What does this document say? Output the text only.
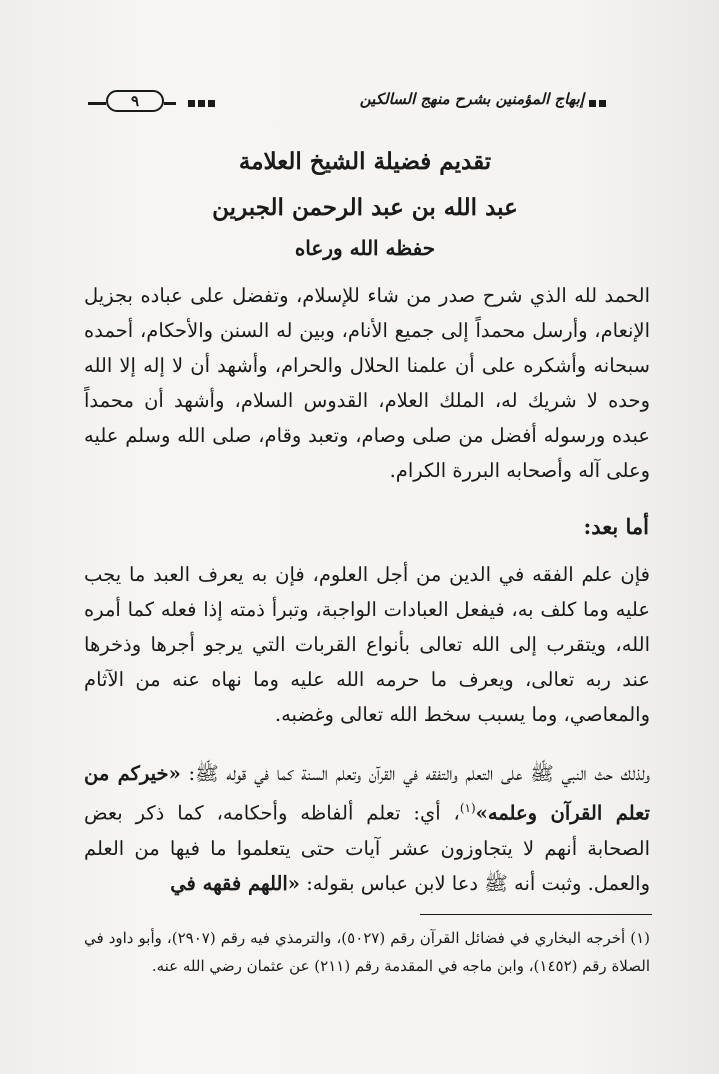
إبهاج المؤمنين بشرح منهج السالكين
٩
تقديم فضيلة الشيخ العلامة
عبد الله بن عبد الرحمن الجبرين
حفظه الله ورعاه
الحمد لله الذي شرح صدر من شاء للإسلام، وتفضل على عباده بجزيل الإنعام، وأرسل محمداً إلى جميع الأنام، وبين له السنن والأحكام، أحمده سبحانه وأشكره على أن علمنا الحلال والحرام، وأشهد أن لا إله إلا الله وحده لا شريك له، الملك العلام، القدوس السلام، وأشهد أن محمداً عبده ورسوله أفضل من صلى وصام، وتعبد وقام، صلى الله وسلم عليه وعلى آله وأصحابه البررة الكرام.
أما بعد:
فإن علم الفقه في الدين من أجل العلوم، فإن به يعرف العبد ما يجب عليه وما كلف به، فيفعل العبادات الواجبة، وتبرأ ذمته إذا فعله كما أمره الله، ويتقرب إلى الله تعالى بأنواع القربات التي يرجو أجرها وذخرها عند ربه تعالى، ويعرف ما حرمه الله عليه وما نهاه عنه من الآثام والمعاصي، وما يسبب سخط الله تعالى وغضبه.
ولذلك حث النبي ﷺ على التعلم والتفقه في القرآن وتعلم السنة كما في قوله ﷺ: «خيركم من تعلم القرآن وعلمه»$^{(١)}$، أي: تعلم ألفاظه وأحكامه، كما ذكر بعض الصحابة أنهم لا يتجاوزون عشر آيات حتى يتعلموا ما فيها من العلم والعمل. وثبت أنه ﷺ دعا لابن عباس بقوله: «اللهم فقهه في
(١) أخرجه البخاري في فضائل القرآن رقم (٥٠٢٧)، والترمذي فيه رقم (٢٩٠٧)، وأبو داود في الصلاة رقم (١٤٥٢)، وابن ماجه في المقدمة رقم (٢١١) عن عثمان رضي الله عنه.
